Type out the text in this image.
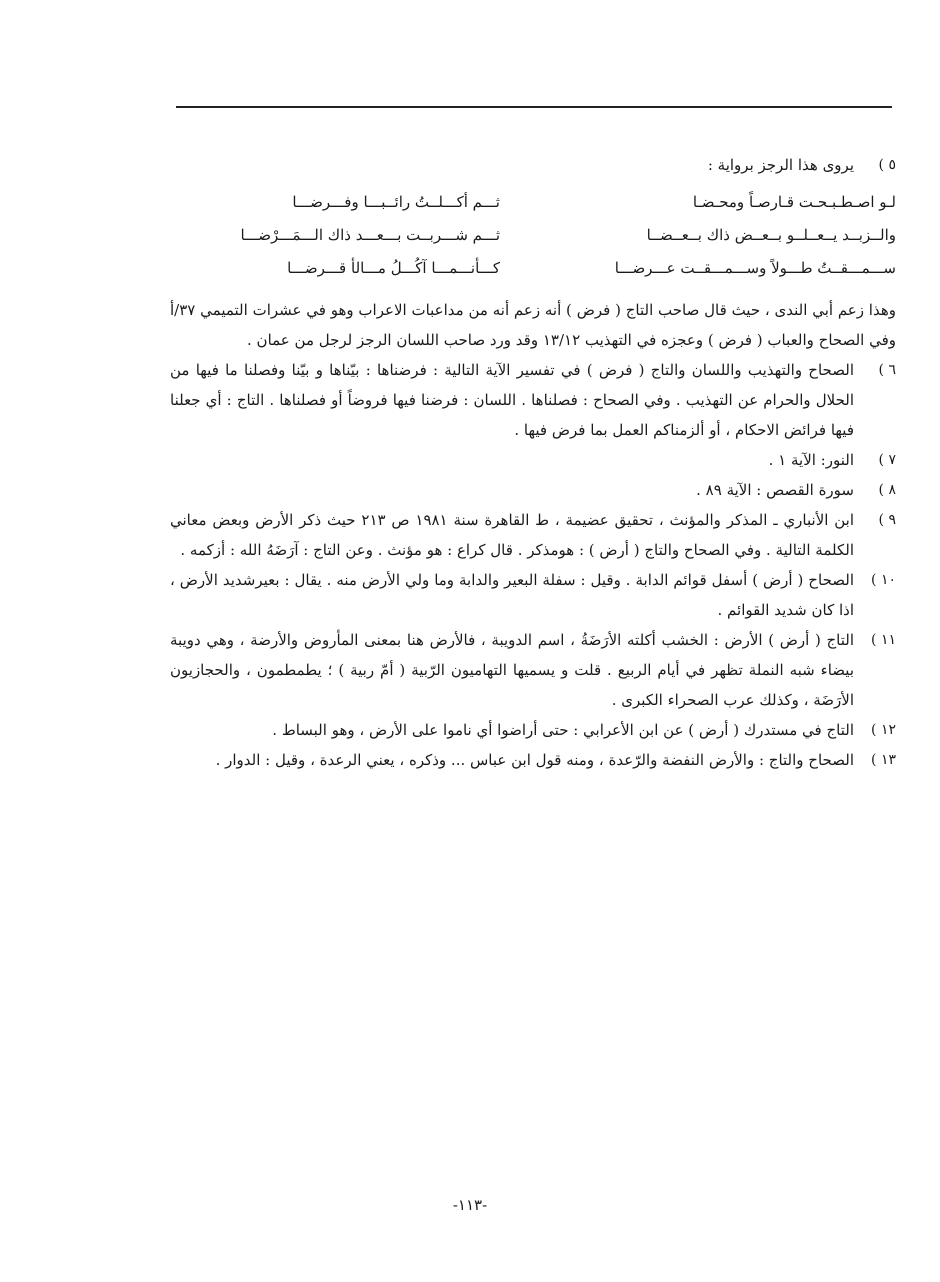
٥ )
يروى هذا الرجز برواية :
لـو اصـطـبـحـت قـارصـاً ومحـضـا
ثـــم أكـــلــتُ رائــبـــا وفـــرضـــا
والــزبــد يــعــلــو بــعــض ذاك بــعــضــا
ثـــم شـــربــت بـــعـــد ذاك الـــمَـــرْضـــا
ســـمـــقــتُ طـــولاً وســـمـــقــت عـــرضـــا
كـــأنـــمـــا آكُـــلُ مـــالأ قـــرضـــا
وهذا زعم أبي الندى ، حيث قال صاحب التاج ( فرض ) أنه زعم أنه من مداعبات الاعراب وهو في عشرات التميمي ٣٧/أ وفي الصحاح والعباب ( فرض ) وعجزه في التهذيب ١٣/١٢ وقد ورد صاحب اللسان الرجز لرجل من عمان .
٦ )
الصحاح والتهذيب واللسان والتاج ( فرض ) في تفسير الآية التالية : فرضناها : بيّناها و بيّنا وفصلنا ما فيها من الحلال والحرام عن التهذيب . وفي الصحاح : فصلناها . اللسان : فرضنا فيها فروضاً أو فصلناها . التاج : أي جعلنا فيها فرائض الاحكام ، أو ألزمناكم العمل بما فرض فيها .
٧ )
النور: الآية ١ .
٨ )
سورة القصص : الآية ٨٩ .
٩ )
ابن الأنباري ـ المذكر والمؤنث ، تحقيق عضيمة ، ط القاهرة سنة ١٩٨١ ص ٢١٣ حيث ذكر الأرض وبعض معاني الكلمة التالية . وفي الصحاح والتاج ( أرض ) : هومذكر . قال كراع : هو مؤنث . وعن التاج : آرَضَهُ الله : أزكمه .
١٠ )
الصحاح ( أرض ) أسفل قوائم الدابة . وقيل : سفلة البعير والدابة وما ولي الأرض منه . يقال : بعيرشديد الأرض ، اذا كان شديد القوائم .
١١ )
التاج ( أرض ) الأرض : الخشب أكلته الأرَضَةُ ، اسم الدويبة ، فالأرض هنا بمعنى المأروض والأرضة ، وهي دويبة بيضاء شبه النملة تظهر في أيام الربيع . قلت و يسميها التهاميون الرّبية ( أمّ ربية ) ؛ يطمطمون ، والحجازيون الأرَضَة ، وكذلك عرب الصحراء الكبرى .
١٢ )
التاج في مستدرك ( أرض ) عن ابن الأعرابي : حتى أراضوا أي ناموا على الأرض ، وهو البساط .
١٣ )
الصحاح والتاج : والأرض النفضة والرّعدة ، ومنه قول ابن عباس ... وذكره ، يعني الرعدة ، وقيل : الدوار .
-١١٣-
